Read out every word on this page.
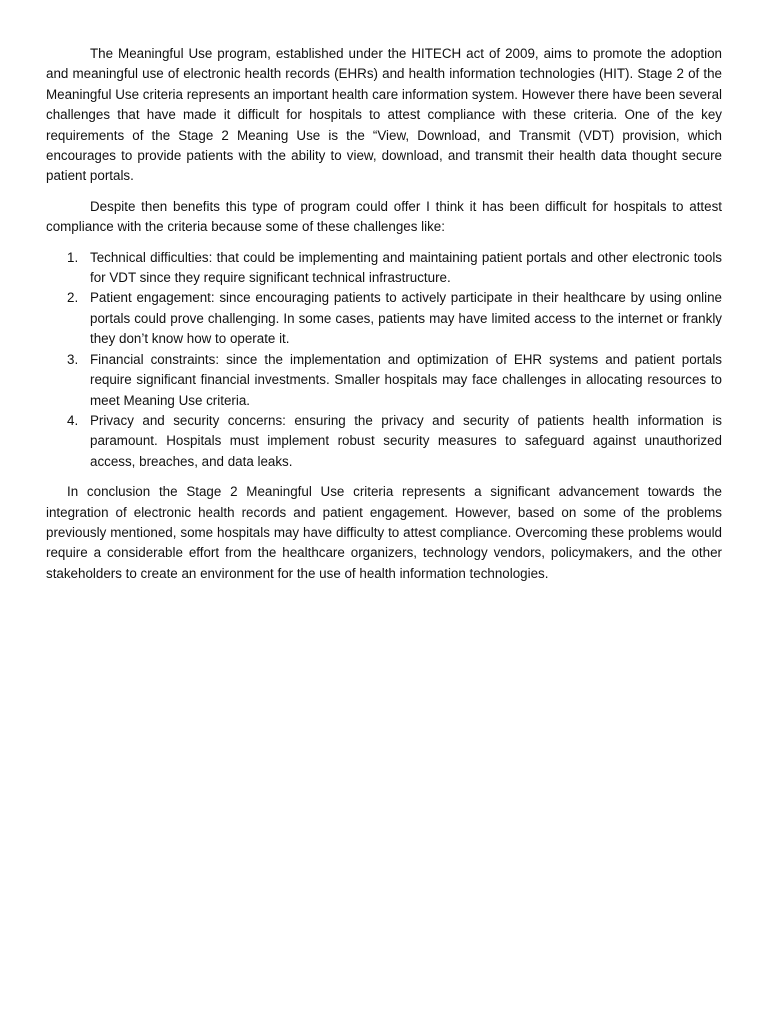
The Meaningful Use program, established under the HITECH act of 2009, aims to promote the adoption and meaningful use of electronic health records (EHRs) and health information technologies (HIT). Stage 2 of the Meaningful Use criteria represents an important health care information system. However there have been several challenges that have made it difficult for hospitals to attest compliance with these criteria. One of the key requirements of the Stage 2 Meaning Use is the “View, Download, and Transmit (VDT) provision, which encourages to provide patients with the ability to view, download, and transmit their health data thought secure patient portals.

Despite then benefits this type of program could offer I think it has been difficult for hospitals to attest compliance with the criteria because some of these challenges like:

1. Technical difficulties: that could be implementing and maintaining patient portals and other electronic tools for VDT since they require significant technical infrastructure.
2. Patient engagement: since encouraging patients to actively participate in their healthcare by using online portals could prove challenging. In some cases, patients may have limited access to the internet or frankly they don’t know how to operate it.
3. Financial constraints: since the implementation and optimization of EHR systems and patient portals require significant financial investments. Smaller hospitals may face challenges in allocating resources to meet Meaning Use criteria.
4. Privacy and security concerns: ensuring the privacy and security of patients health information is paramount. Hospitals must implement robust security measures to safeguard against unauthorized access, breaches, and data leaks.

In conclusion the Stage 2 Meaningful Use criteria represents a significant advancement towards the integration of electronic health records and patient engagement. However, based on some of the problems previously mentioned, some hospitals may have difficulty to attest compliance. Overcoming these problems would require a considerable effort from the healthcare organizers, technology vendors, policymakers, and the other stakeholders to create an environment for the use of health information technologies.
